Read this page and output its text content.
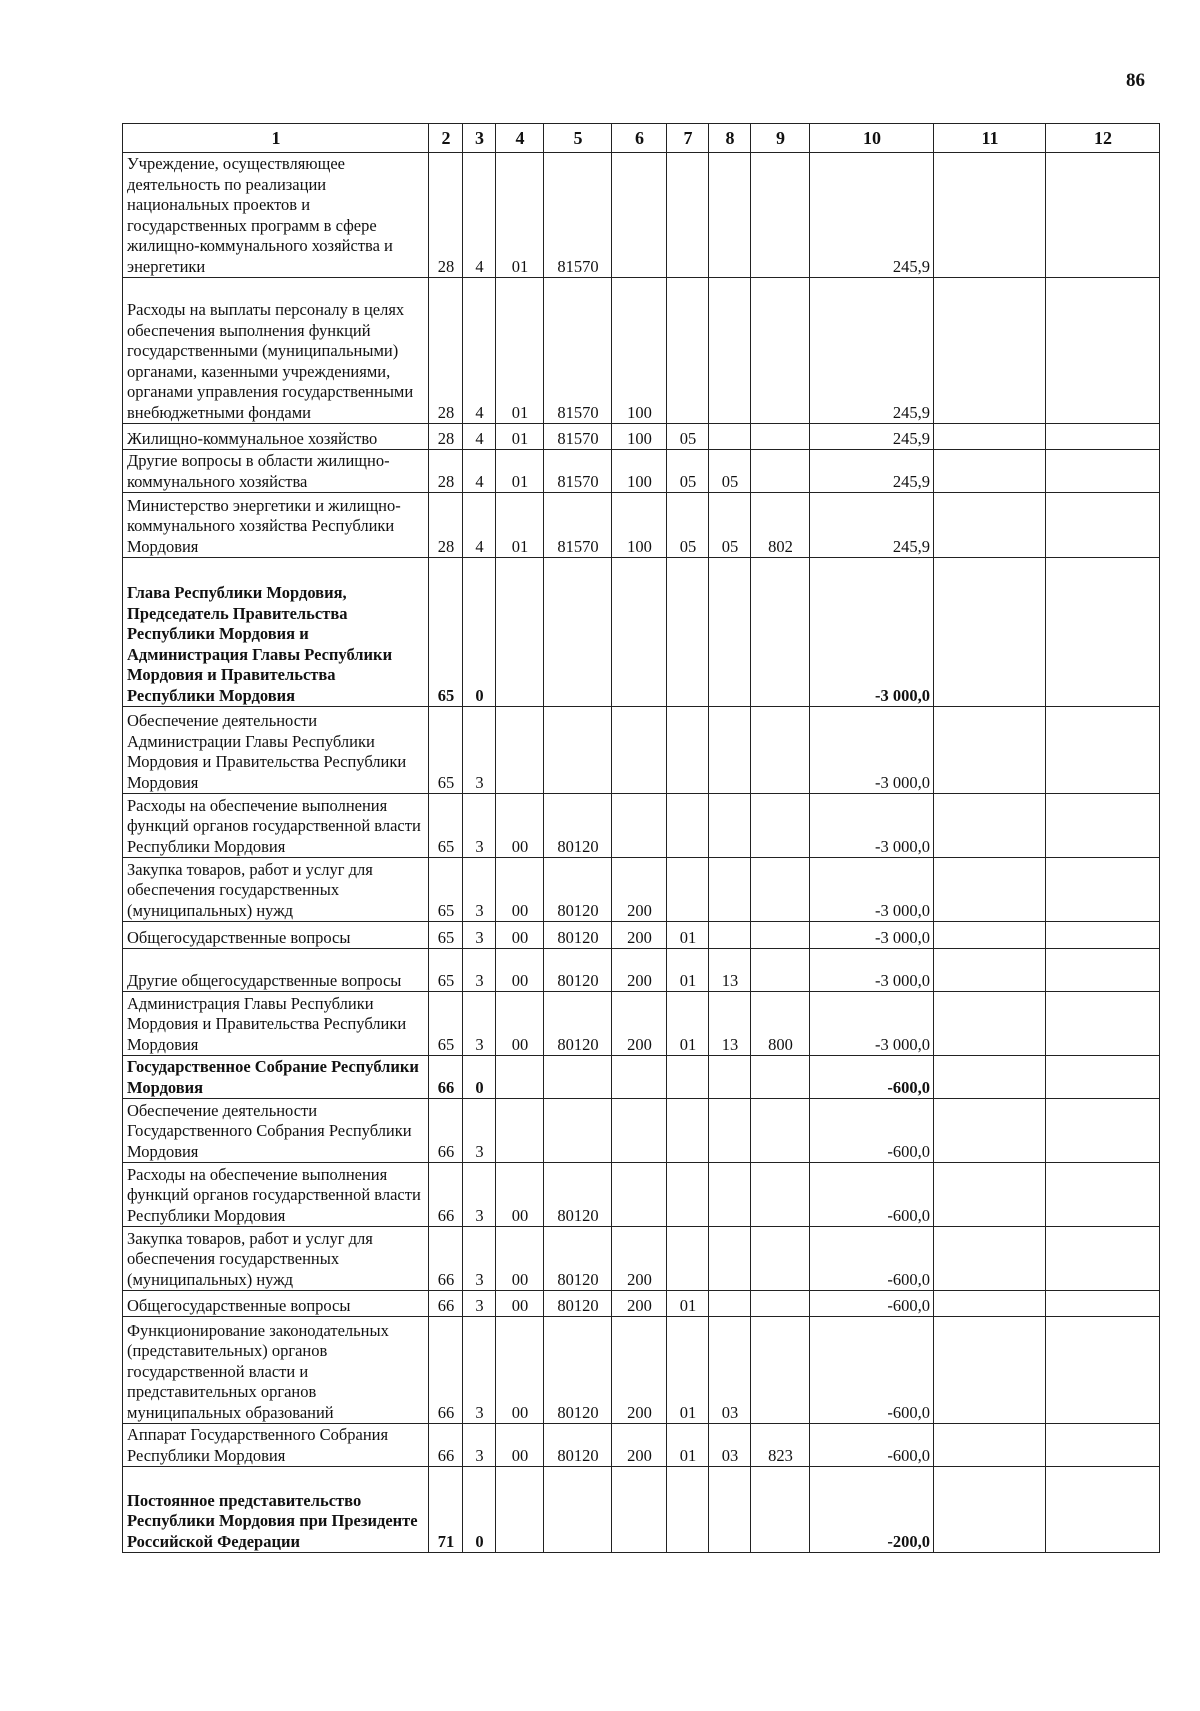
86
1	2	3	4	5	6	7	8	9	10	11	12
Учреждение, осуществляющее деятельность по реализации национальных проектов и государственных программ в сфере жилищно-коммунального хозяйства и энергетики	28	4	01	81570					245,9		
Расходы на выплаты персоналу в целях обеспечения выполнения функций государственными (муниципальными) органами, казенными учреждениями, органами управления государственными внебюджетными фондами	28	4	01	81570	100				245,9		
Жилищно-коммунальное хозяйство	28	4	01	81570	100	05			245,9		
Другие вопросы в области жилищно-коммунального хозяйства	28	4	01	81570	100	05	05		245,9		
Министерство энергетики и жилищно-коммунального хозяйства Республики Мордовия	28	4	01	81570	100	05	05	802	245,9		
Глава Республики Мордовия, Председатель Правительства Республики Мордовия и Администрация Главы Республики Мордовия и Правительства Республики Мордовия	65	0							-3 000,0		
Обеспечение деятельности Администрации Главы Республики Мордовия и Правительства Республики Мордовия	65	3							-3 000,0		
Расходы на обеспечение выполнения функций органов государственной власти Республики Мордовия	65	3	00	80120					-3 000,0		
Закупка товаров, работ и услуг для обеспечения государственных (муниципальных) нужд	65	3	00	80120	200				-3 000,0		
Общегосударственные вопросы	65	3	00	80120	200	01			-3 000,0		
Другие общегосударственные вопросы	65	3	00	80120	200	01	13		-3 000,0		
Администрация Главы Республики Мордовия и Правительства Республики Мордовия	65	3	00	80120	200	01	13	800	-3 000,0		
Государственное Собрание Республики Мордовия	66	0							-600,0		
Обеспечение деятельности Государственного Собрания Республики Мордовия	66	3							-600,0		
Расходы на обеспечение выполнения функций органов государственной власти Республики Мордовия	66	3	00	80120					-600,0		
Закупка товаров, работ и услуг для обеспечения государственных (муниципальных) нужд	66	3	00	80120	200				-600,0		
Общегосударственные вопросы	66	3	00	80120	200	01			-600,0		
Функционирование законодательных (представительных) органов государственной власти и представительных органов муниципальных образований	66	3	00	80120	200	01	03		-600,0		
Аппарат Государственного Собрания Республики Мордовия	66	3	00	80120	200	01	03	823	-600,0		
Постоянное представительство Республики Мордовия при Президенте Российской Федерации	71	0							-200,0		
